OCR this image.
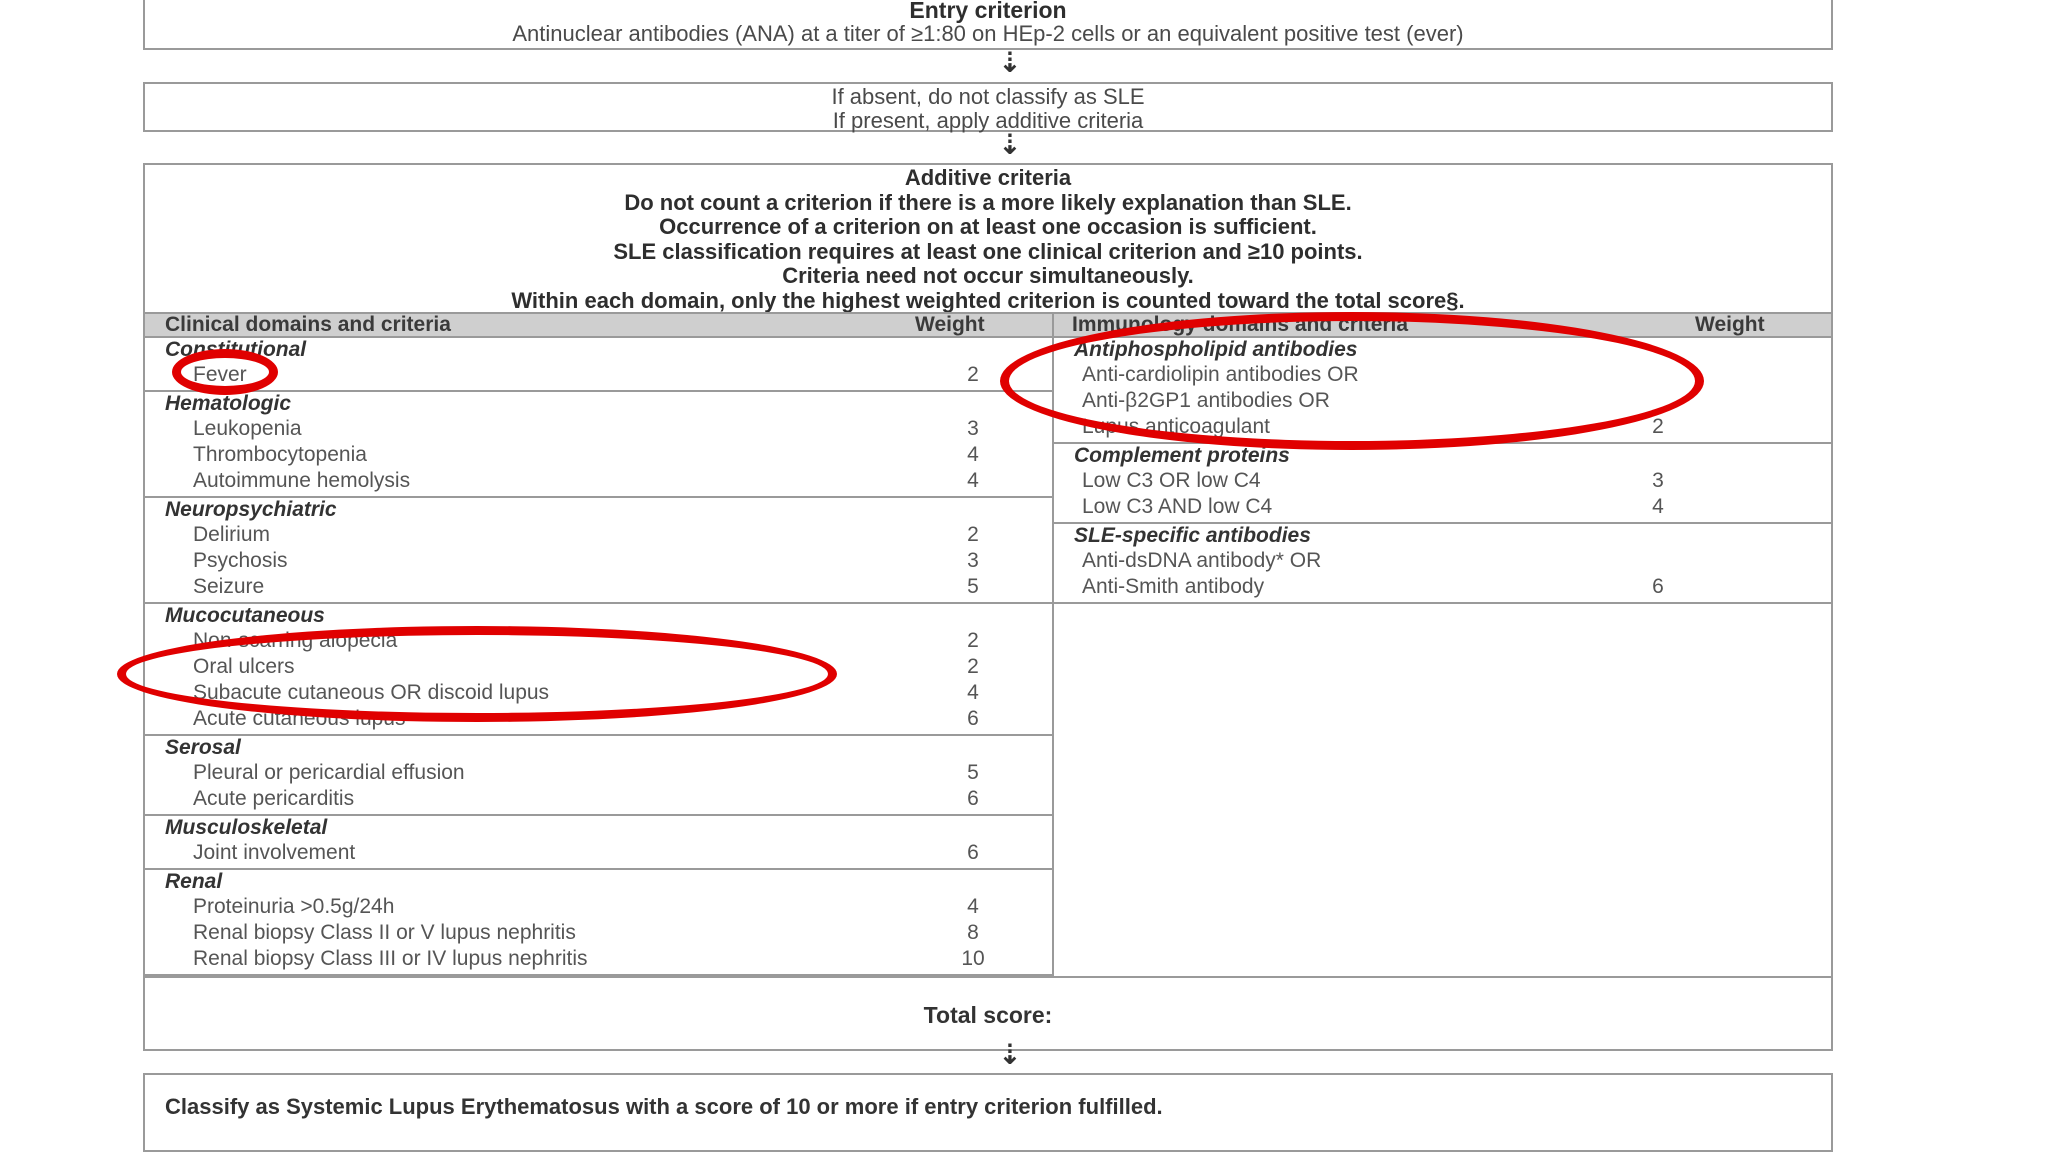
Entry criterion
Antinuclear antibodies (ANA) at a titer of ≥1:80 on HEp-2 cells or an equivalent positive test (ever)
⇣
If absent, do not classify as SLE
If present, apply additive criteria
⇣
Additive criteria
Do not count a criterion if there is a more likely explanation than SLE.
Occurrence of a criterion on at least one occasion is sufficient.
SLE classification requires at least one clinical criterion and ≥10 points.
Criteria need not occur simultaneously.
Within each domain, only the highest weighted criterion is counted toward the total score§.
Clinical domains and criteria	Weight	Immunology domains and criteria	Weight
Constitutional
Fever	2
Hematologic
Leukopenia	3
Thrombocytopenia	4
Autoimmune hemolysis	4
Neuropsychiatric
Delirium	2
Psychosis	3
Seizure	5
Mucocutaneous
Non-scarring alopecia	2
Oral ulcers	2
Subacute cutaneous OR discoid lupus	4
Acute cutaneous lupus	6
Serosal
Pleural or pericardial effusion	5
Acute pericarditis	6
Musculoskeletal
Joint involvement	6
Renal
Proteinuria >0.5g/24h	4
Renal biopsy Class II or V lupus nephritis	8
Renal biopsy Class III or IV lupus nephritis	10
Antiphospholipid antibodies
Anti-cardiolipin antibodies OR
Anti-β2GP1 antibodies OR
Lupus anticoagulant	2
Complement proteins
Low C3 OR low C4	3
Low C3 AND low C4	4
SLE-specific antibodies
Anti-dsDNA antibody* OR
Anti-Smith antibody	6
Total score:
⇣
Classify as Systemic Lupus Erythematosus with a score of 10 or more if entry criterion fulfilled.
